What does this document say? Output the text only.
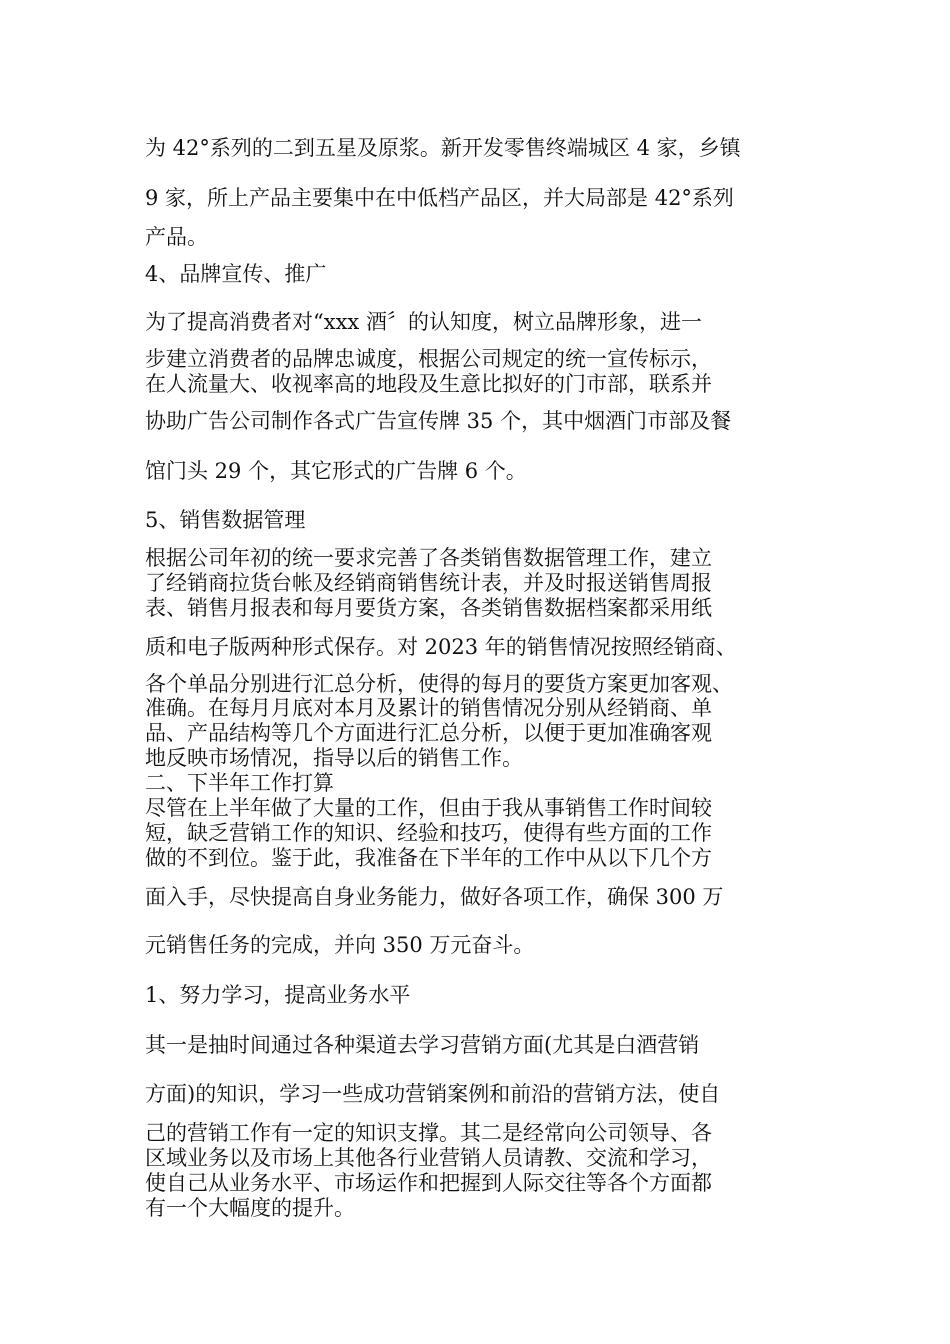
为 42°系列的二到五星及原浆。新开发零售终端城区 4 家，乡镇

9 家，所上产品主要集中在中低档产品区，并大局部是 42°系列

产品。

4、品牌宣传、推广

为了提高消费者对“xxx 酒〞的认知度，树立品牌形象，进一

步建立消费者的品牌忠诚度，根据公司规定的统一宣传标示，

在人流量大、收视率高的地段及生意比拟好的门市部，联系并

协助广告公司制作各式广告宣传牌 35 个，其中烟酒门市部及餐

馆门头 29 个，其它形式的广告牌 6 个。

5、销售数据管理

根据公司年初的统一要求完善了各类销售数据管理工作，建立

了经销商拉货台帐及经销商销售统计表，并及时报送销售周报

表、销售月报表和每月要货方案，各类销售数据档案都采用纸

质和电子版两种形式保存。对 2023 年的销售情况按照经销商、

各个单品分别进行汇总分析，使得的每月的要货方案更加客观、

准确。在每月月底对本月及累计的销售情况分别从经销商、单

品、产品结构等几个方面进行汇总分析，以便于更加准确客观

地反映市场情况，指导以后的销售工作。

二、下半年工作打算

尽管在上半年做了大量的工作，但由于我从事销售工作时间较

短，缺乏营销工作的知识、经验和技巧，使得有些方面的工作

做的不到位。鉴于此，我准备在下半年的工作中从以下几个方

面入手，尽快提高自身业务能力，做好各项工作，确保 300 万

元销售任务的完成，并向 350 万元奋斗。

1、努力学习，提高业务水平

其一是抽时间通过各种渠道去学习营销方面(尤其是白酒营销

方面)的知识，学习一些成功营销案例和前沿的营销方法，使自

己的营销工作有一定的知识支撑。其二是经常向公司领导、各

区域业务以及市场上其他各行业营销人员请教、交流和学习，

使自己从业务水平、市场运作和把握到人际交往等各个方面都

有一个大幅度的提升。
